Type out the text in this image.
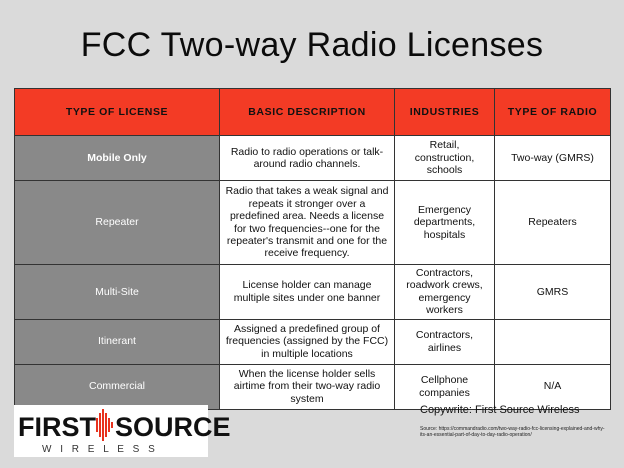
FCC Two-way Radio Licenses
TYPE OF LICENSE	BASIC DESCRIPTION	INDUSTRIES	TYPE OF RADIO
Mobile Only	Radio to radio operations or talk-around radio channels.	Retail, construction, schools	Two-way (GMRS)
Repeater	Radio that takes a weak signal and repeats it stronger over a predefined area. Needs a license for two frequencies--one for the repeater's transmit and one for the receive frequency.	Emergency departments, hospitals	Repeaters
Multi-Site	License holder can manage multiple sites under one banner	Contractors, roadwork crews, emergency workers	GMRS
Itinerant	Assigned a predefined group of frequencies (assigned by the FCC) in multiple locations	Contractors, airlines	
Commercial	When the license holder sells airtime from their two-way radio system	Cellphone companies	N/A
FIRST SOURCE
W I R E L E S S
Copywrite: First Source Wireless
Source: https://commandradio.com/two-way-radio-fcc-licensing-explained-and-why-its-an-essential-part-of-day-to-day-radio-operation/
